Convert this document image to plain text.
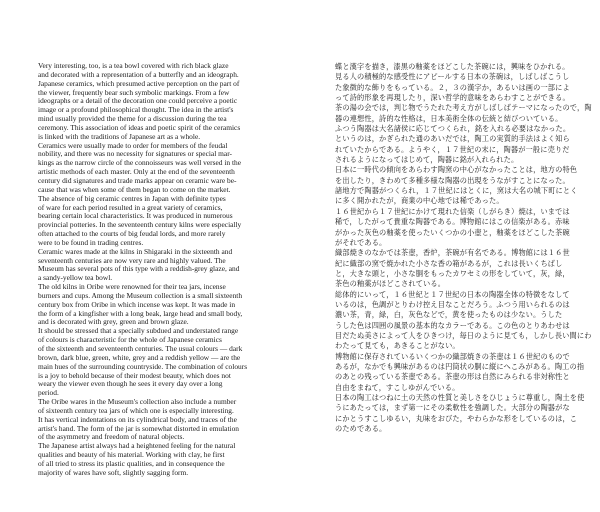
Very interesting, too, is a tea bowl covered with rich black glaze
and decorated with a representation of a butterfly and an ideograph.
Japanese ceramics, which presumed active perception on the part of
the viewer, frequently bear such symbolic markings. From a few
ideographs or a detail of the decoration one could perceive a poetic
image or a profound philosophical thought. The idea in the artist's
mind usually provided the theme for a discussion during the tea
ceremony. This association of ideas and poetic spirit of the ceramics
is linked with the traditions of Japanese art as a whole.
Ceramics were usually made to order for members of the feudal
nobility, and there was no necessity for signatures or special mar-
kings as the narrow circle of the connoisseurs was well versed in the
artistic methods of each master. Only at the end of the seventeenth
century did signatures and trade marks appear on ceramic ware be-
cause that was when some of them began to come on the market.
The absence of big ceramic centres in Japan with definite types
of ware for each period resulted in a great variety of ceramics,
bearing certain local characteristics. It was produced in numerous
provincial potteries. In the seventeenth century kilns were especially
often attached to the courts of big feudal lords, and more rarely
were to be found in trading centres.
Ceramic wares made at the kilns in Shigaraki in the sixteenth and
seventeenth centuries are now very rare and highly valued. The
Museum has several pots of this type with a reddish-grey glaze, and
a sandy-yellow tea bowl.
The old kilns in Oribe were renowned for their tea jars, incense
burners and cups. Among the Museum collection is a small sixteenth
century box from Oribe in which incense was kept. It was made in
the form of a kingfisher with a long beak, large head and small body,
and is decorated with grey, green and brown glaze.
It should be stressed that a specially subdued and understated range
of colours is characteristic for the whole of Japanese ceramics
of the sixteenth and seventeenth centuries. The usual colours — dark
brown, dark blue, green, white, grey and a reddish yellow — are the
main hues of the surrounding countryside. The combination of colours
is a joy to behold because of their modest beauty, which does not
weary the viewer even though he sees it every day over a long
period.
The Oribe wares in the Museum's collection also include a number
of sixteenth century tea jars of which one is especially interesting.
It has vertical indentations on its cylindrical body, and traces of the
artist's hand. The form of the jar is somewhat distorted in emulation
of the asymmetry and freedom of natural objects.
The Japanese artist always had a heightened feeling for the natural
qualities and beauty of his material. Working with clay, he first
of all tried to stress its plastic qualities, and in consequence the
majority of wares have soft, slightly sagging form.
蝶と漢字を描き，漆黒の釉薬をほどこした茶碗には，興味をひかれる。
見る人の積極的な感受性にアピールする日本の茶碗は，しばしばこうし
た象徴的な飾りをもっている。２，３の漢字か，あるいは画の一部によ
って詩的形象を再現したり，深い哲学的意味をあらわすことができる。
茶の湯の会では，判じ物でうたれた考え方がしばしばテーマになったので，陶
器の連想性，詩的な性格は，日本美術全体の伝統と結びついている。
ふつう陶器は大名諸侯に応じてつくられ，銘を入れる必要はなかった。
というのは，かぎられた通のあいだでは，陶工の実質的手法はよく知ら
れていたからである。ようやく，１７世紀の末に，陶器が一般に売りだ
されるようになってはじめて，陶器に銘が入れられた。
日本に一時代の傾向をあらわす陶窯の中心がなかったことは，地方の特色
を出したり，きわめて多種多様な陶器の出現をうながすことになった。
諸地方で陶器がつくられ，１７世紀にはとくに，窯は大名の城下町にとく
に多く開かれたが，商業の中心地では稀であった。
１６世紀から１７世紀にかけて現れた信楽（しがらき）焼は，いまでは
稀で，したがって貴重な陶器である。博物館にはこの信楽がある。赤味
がかった灰色の釉薬を使ったいくつかの小壺と，釉薬をほどこした茶碗
がそれである。
織部焼きのなかでは茶壺，香炉，茶碗が有名である。博物館には１６世
紀に織部の窯で焼かれた小さな香の箱があるが，これは長いくちばし
と，大きな頭と，小さな胴をもったカワセミの形をしていて，灰，緑，
茶色の釉薬がほどこされている。
総体的にいって，１６世紀と１７世紀の日本の陶器全体の特徴をなして
いるのは，色調がとりわけ控え目なことだろう。ふつう用いられるのは
濃い茶，青，緑，白，灰色などで，黄を使ったものは少ない。うした
うした色は四囲の風景の基本的なカラーである。この色のとりあわせは
目だたぬ美さによって人をひきつけ，毎日のように見ても，しかし長い間にわ
わたって見ても，あきることがない。
博物館に保存されているいくつかの織部焼きの茶壺は１６世紀のもので
あるが，なかでも興味があるのは円筒状の胴に縦にへこみがある。陶工の指
のあとの残っている茶壺である。茶壺の形は自然にみられる非対称性と
自由をまねて，すこしゆがんでいる。
日本の陶工はつねに土の天然の性質と美しさをひじょうに尊重し，陶土を使
うにあたっては，まず第一にその柔軟性を強調した。大部分の陶器がな
にかとうすこしゆるい，丸味をおびた，やわらかな形をしているのは，こ
のためである。
